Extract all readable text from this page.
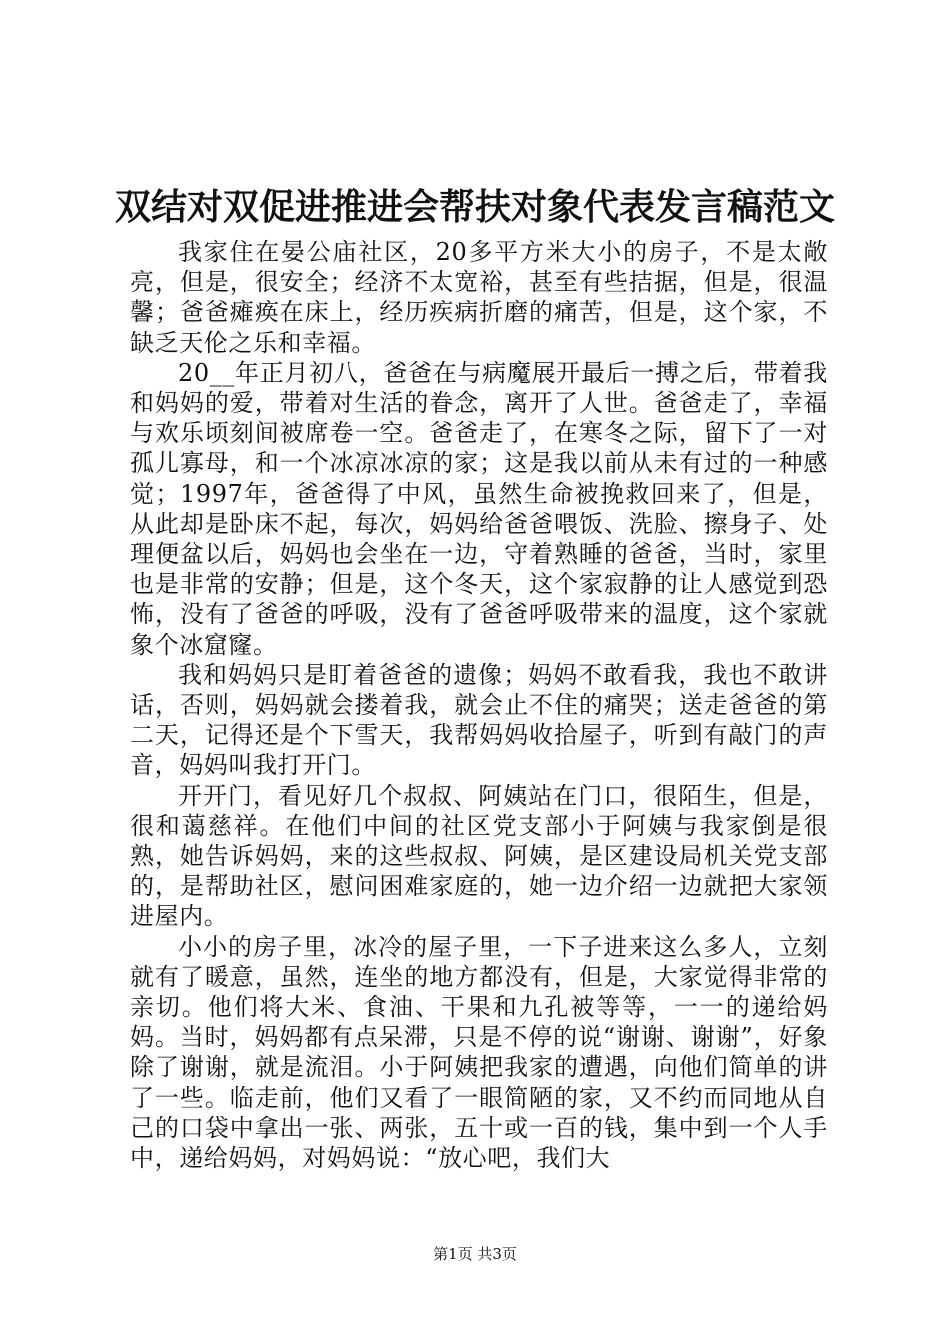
双结对双促进推进会帮扶对象代表发言稿范文

我家住在晏公庙社区，20多平方米大小的房子，不是太敞亮，但是，很安全；经济不太宽裕，甚至有些拮据，但是，很温馨；爸爸瘫痪在床上，经历疾病折磨的痛苦，但是，这个家，不缺乏天伦之乐和幸福。

20__年正月初八，爸爸在与病魔展开最后一搏之后，带着我和妈妈的爱，带着对生活的眷念，离开了人世。爸爸走了，幸福与欢乐顷刻间被席卷一空。爸爸走了，在寒冬之际，留下了一对孤儿寡母，和一个冰凉冰凉的家；这是我以前从未有过的一种感觉；1997年，爸爸得了中风，虽然生命被挽救回来了，但是，从此却是卧床不起，每次，妈妈给爸爸喂饭、洗脸、擦身子、处理便盆以后，妈妈也会坐在一边，守着熟睡的爸爸，当时，家里也是非常的安静；但是，这个冬天，这个家寂静的让人感觉到恐怖，没有了爸爸的呼吸，没有了爸爸呼吸带来的温度，这个家就象个冰窟窿。

我和妈妈只是盯着爸爸的遗像；妈妈不敢看我，我也不敢讲话，否则，妈妈就会搂着我，就会止不住的痛哭；送走爸爸的第二天，记得还是个下雪天，我帮妈妈收拾屋子，听到有敲门的声音，妈妈叫我打开门。

开开门，看见好几个叔叔、阿姨站在门口，很陌生，但是，很和蔼慈祥。在他们中间的社区党支部小于阿姨与我家倒是很熟，她告诉妈妈，来的这些叔叔、阿姨，是区建设局机关党支部的，是帮助社区，慰问困难家庭的，她一边介绍一边就把大家领进屋内。

小小的房子里，冰冷的屋子里，一下子进来这么多人，立刻就有了暖意，虽然，连坐的地方都没有，但是，大家觉得非常的亲切。他们将大米、食油、干果和九孔被等等，一一的递给妈妈。当时，妈妈都有点呆滞，只是不停的说“谢谢、谢谢”，好象除了谢谢，就是流泪。小于阿姨把我家的遭遇，向他们简单的讲了一些。临走前，他们又看了一眼简陋的家，又不约而同地从自己的口袋中拿出一张、两张，五十或一百的钱，集中到一个人手中，递给妈妈，对妈妈说：“放心吧，我们大

第1页 共3页
